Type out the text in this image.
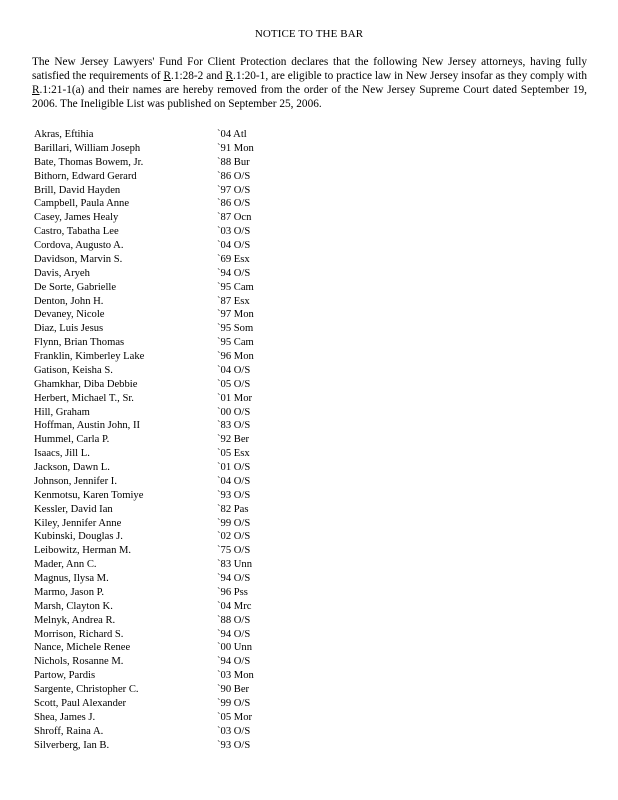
NOTICE TO THE BAR
The New Jersey Lawyers' Fund For Client Protection declares that the following New Jersey attorneys, having fully satisfied the requirements of R.1:28-2 and R.1:20-1, are eligible to practice law in New Jersey insofar as they comply with R.1:21-1(a) and their names are hereby removed from the order of the New Jersey Supreme Court dated September 19, 2006. The Ineligible List was published on September 25, 2006.
Akras, Eftihia	`04 Atl
Barillari, William Joseph	`91 Mon
Bate, Thomas Bowem, Jr.	`88 Bur
Bithorn, Edward Gerard	`86 O/S
Brill, David Hayden	`97 O/S
Campbell, Paula Anne	`86 O/S
Casey, James Healy	`87 Ocn
Castro, Tabatha Lee	`03 O/S
Cordova, Augusto A.	`04 O/S
Davidson, Marvin S.	`69 Esx
Davis, Aryeh	`94 O/S
De Sorte, Gabrielle	`95 Cam
Denton, John H.	`87 Esx
Devaney, Nicole	`97 Mon
Diaz, Luis Jesus	`95 Som
Flynn, Brian Thomas	`95 Cam
Franklin, Kimberley Lake	`96 Mon
Gatison, Keisha S.	`04 O/S
Ghamkhar, Diba Debbie	`05 O/S
Herbert, Michael T., Sr.	`01 Mor
Hill, Graham	`00 O/S
Hoffman, Austin John, II	`83 O/S
Hummel, Carla P.	`92 Ber
Isaacs, Jill L.	`05 Esx
Jackson, Dawn L.	`01 O/S
Johnson, Jennifer I.	`04 O/S
Kenmotsu, Karen Tomiye	`93 O/S
Kessler, David Ian	`82 Pas
Kiley, Jennifer Anne	`99 O/S
Kubinski, Douglas J.	`02 O/S
Leibowitz, Herman M.	`75 O/S
Mader, Ann C.	`83 Unn
Magnus, Ilysa M.	`94 O/S
Marmo, Jason P.	`96 Pss
Marsh, Clayton K.	`04 Mrc
Melnyk, Andrea R.	`88 O/S
Morrison, Richard S.	`94 O/S
Nance, Michele Renee	`00 Unn
Nichols, Rosanne M.	`94 O/S
Partow, Pardis	`03 Mon
Sargente, Christopher C.	`90 Ber
Scott, Paul Alexander	`99 O/S
Shea, James J.	`05 Mor
Shroff, Raina A.	`03 O/S
Silverberg, Ian B.	`93 O/S
